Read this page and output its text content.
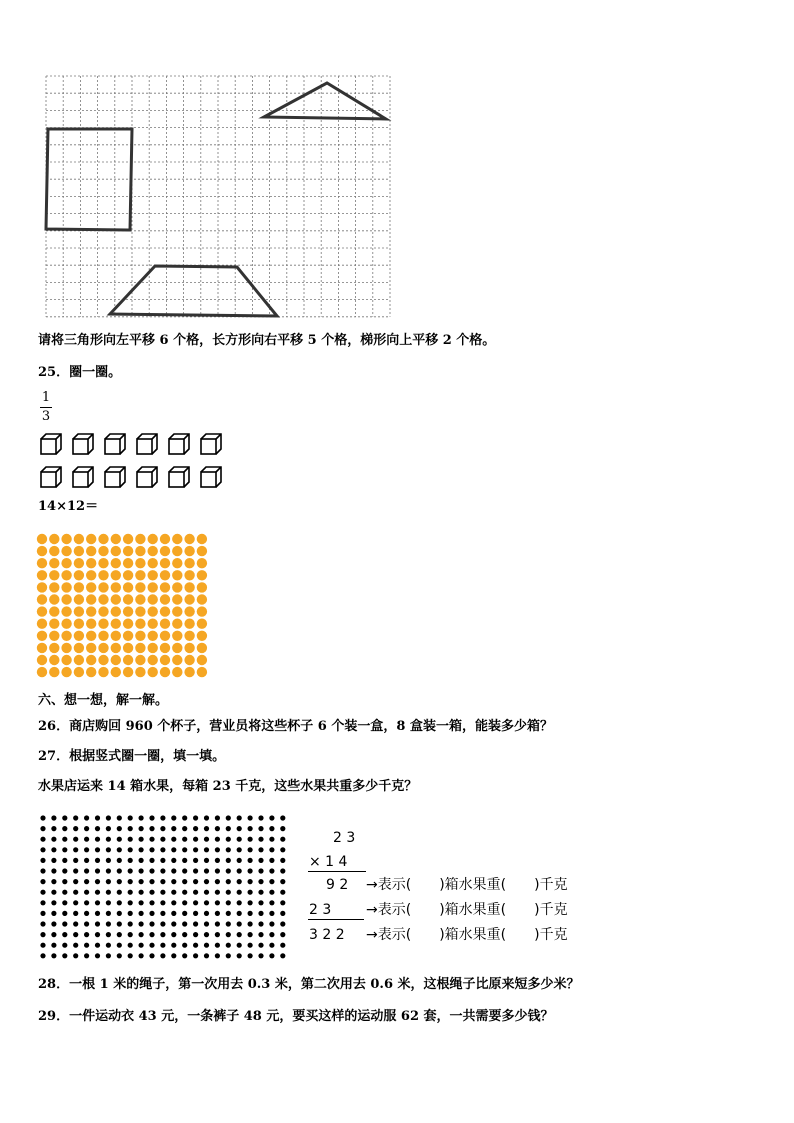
请将三角形向左平移 6 个格，长方形向右平移 5 个格，梯形向上平移 2 个格。
25．圈一圈。
1
3
14×12＝
六、想一想，解一解。
26．商店购回 960 个杯子，营业员将这些杯子 6 个装一盒，8 盒装一箱，能装多少箱？
27．根据竖式圈一圈，填一填。
水果店运来 14 箱水果，每箱 23 千克，这些水果共重多少千克？
2 3
× 1 4
9 2 →表示(　　)箱水果重(　　)千克
2 3 →表示(　　)箱水果重(　　)千克
3 2 2 →表示(　　)箱水果重(　　)千克
28．一根 1 米的绳子，第一次用去 0.3 米，第二次用去 0.6 米，这根绳子比原来短多少米？
29．一件运动衣 43 元，一条裤子 48 元，要买这样的运动服 62 套，一共需要多少钱？
